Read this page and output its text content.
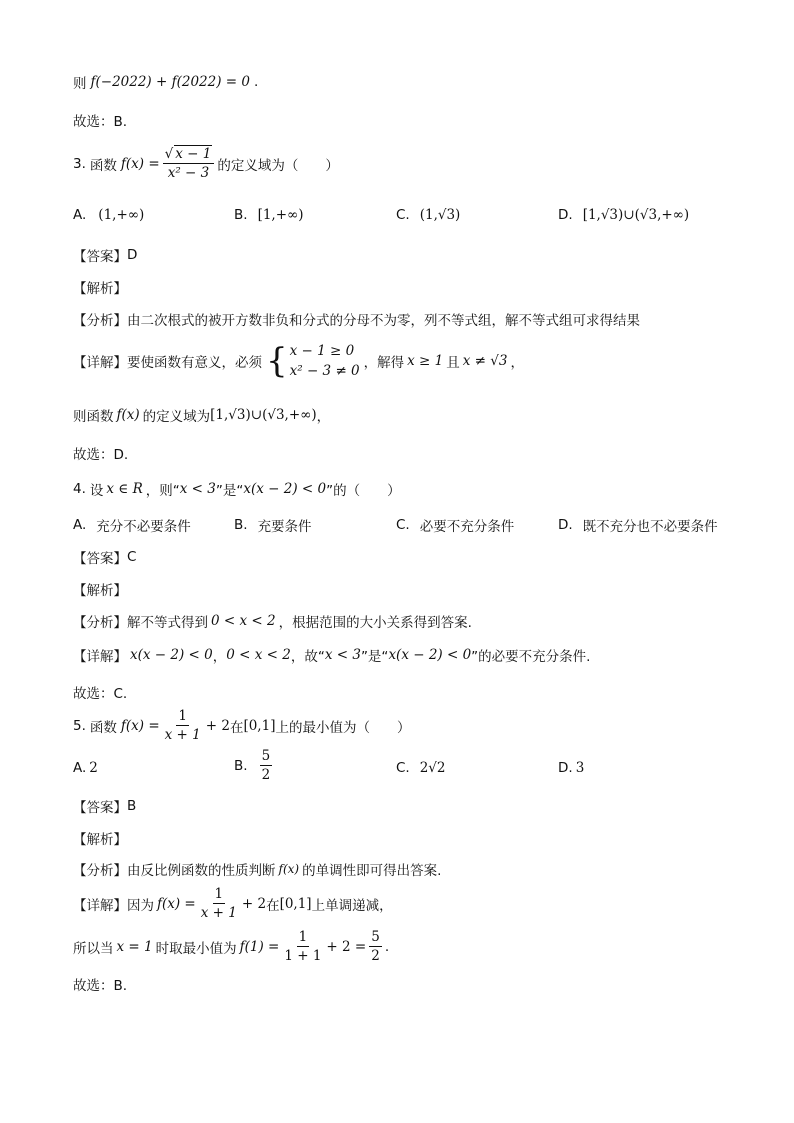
则 f(−2022) + f(2022) = 0 .
故选：B.
3. 函数 $f(x) = \frac{√ x - 1}{\text{x² − 3}}$ 的定义域为（　　）
A. (1,+∞)	B. [1,+∞)	C. (1,√3)	D. [1,√3)∪(√3,+∞)
【答案】 D
【解析】
【分析】 由二次根式的被开方数非负和分式的分母不为零，列不等式组，解不等式组可求得结果
【详解】 要使函数有意义，必须 { x − 1 ≥ 0
x² − 3 ≠ 0 ，解得 x ≥ 1 且 x ≠ √3 ，
则函数 f(x) 的定义域为 [1,√3)∪(√3,+∞) ，
故选：D.
4. 设 x ∈ R ，则“ x < 3 ”是“ x(x − 2) < 0 ”的（　　）
A. 充分不必要条件	B. 充要条件	C. 必要不充分条件	D. 既不充分也不必要条件
【答案】 C
【解析】
【分析】 解不等式得到 0 < x < 2 ，根据范围的大小关系得到答案.
【详解】 x(x − 2) < 0 ， 0 < x < 2 ，故“ x < 3 ”是“ x(x − 2) < 0 ”的必要不充分条件.
故选：C.
5. 函数 $f(x) = \frac{1}{x + 1} + 2$ 在 [0,1] 上的最小值为（　　）
A. 2	B. $\frac{5}{2}$	C. 2√2	D. 3
【答案】 B
【解析】
【分析】 由反比例函数的性质判断 f(x) 的单调性即可得出答案.
【详解】 因为 $f(x) = \frac{1}{x + 1} + 2$ 在 [0,1] 上单调递减，
所以当 x = 1 时取最小值为 $f(1) = \frac{1}{1 + 1} + 2 = \frac{5}{2}$ .
故选：B.
